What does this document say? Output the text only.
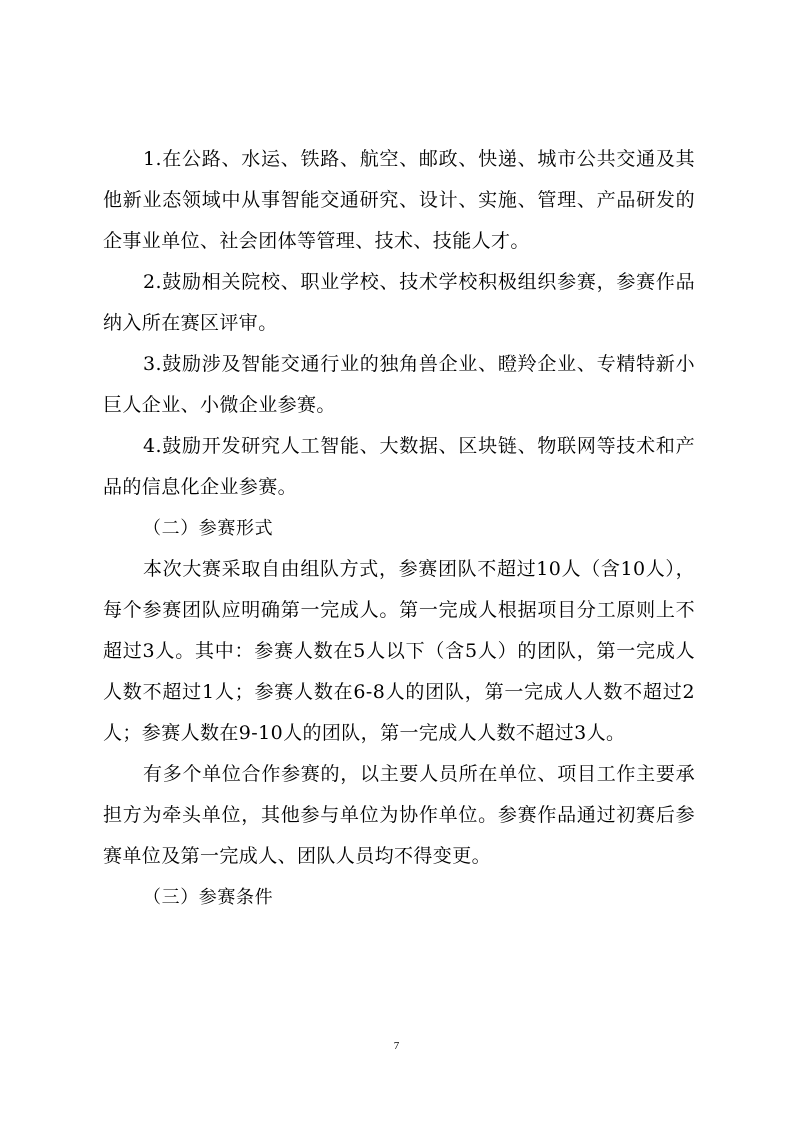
1.在公路、水运、铁路、航空、邮政、快递、城市公共交通及其他新业态领域中从事智能交通研究、设计、实施、管理、产品研发的企事业单位、社会团体等管理、技术、技能人才。

2.鼓励相关院校、职业学校、技术学校积极组织参赛，参赛作品纳入所在赛区评审。

3.鼓励涉及智能交通行业的独角兽企业、瞪羚企业、专精特新小巨人企业、小微企业参赛。

4.鼓励开发研究人工智能、大数据、区块链、物联网等技术和产品的信息化企业参赛。

（二）参赛形式

本次大赛采取自由组队方式，参赛团队不超过10人（含10人），每个参赛团队应明确第一完成人。第一完成人根据项目分工原则上不超过3人。其中：参赛人数在5人以下（含5人）的团队，第一完成人人数不超过1人；参赛人数在6-8人的团队，第一完成人人数不超过2人；参赛人数在9-10人的团队，第一完成人人数不超过3人。

有多个单位合作参赛的，以主要人员所在单位、项目工作主要承担方为牵头单位，其他参与单位为协作单位。参赛作品通过初赛后参赛单位及第一完成人、团队人员均不得变更。

（三）参赛条件

7
